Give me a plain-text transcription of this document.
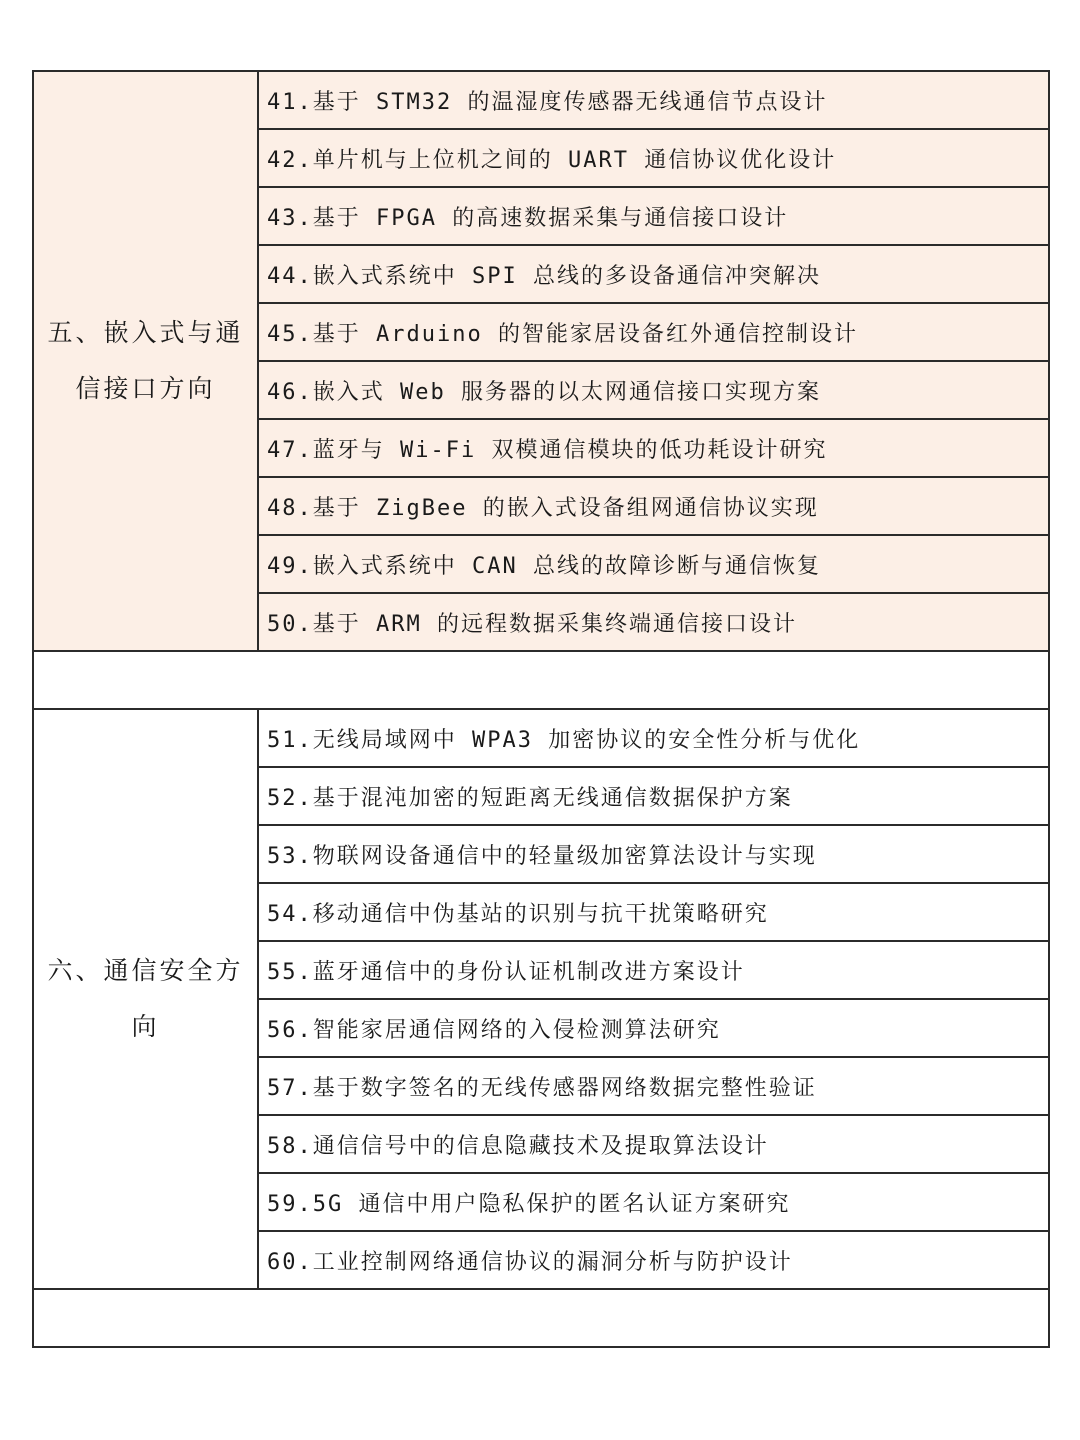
五、嵌入式与通信接口方向	41.基于 STM32 的温湿度传感器无线通信节点设计
	42.单片机与上位机之间的 UART 通信协议优化设计
	43.基于 FPGA 的高速数据采集与通信接口设计
	44.嵌入式系统中 SPI 总线的多设备通信冲突解决
	45.基于 Arduino 的智能家居设备红外通信控制设计
	46.嵌入式 Web 服务器的以太网通信接口实现方案
	47.蓝牙与 Wi-Fi 双模通信模块的低功耗设计研究
	48.基于 ZigBee 的嵌入式设备组网通信协议实现
	49.嵌入式系统中 CAN 总线的故障诊断与通信恢复
	50.基于 ARM 的远程数据采集终端通信接口设计

六、通信安全方向	51.无线局域网中 WPA3 加密协议的安全性分析与优化
	52.基于混沌加密的短距离无线通信数据保护方案
	53.物联网设备通信中的轻量级加密算法设计与实现
	54.移动通信中伪基站的识别与抗干扰策略研究
	55.蓝牙通信中的身份认证机制改进方案设计
	56.智能家居通信网络的入侵检测算法研究
	57.基于数字签名的无线传感器网络数据完整性验证
	58.通信信号中的信息隐藏技术及提取算法设计
	59.5G 通信中用户隐私保护的匿名认证方案研究
	60.工业控制网络通信协议的漏洞分析与防护设计
